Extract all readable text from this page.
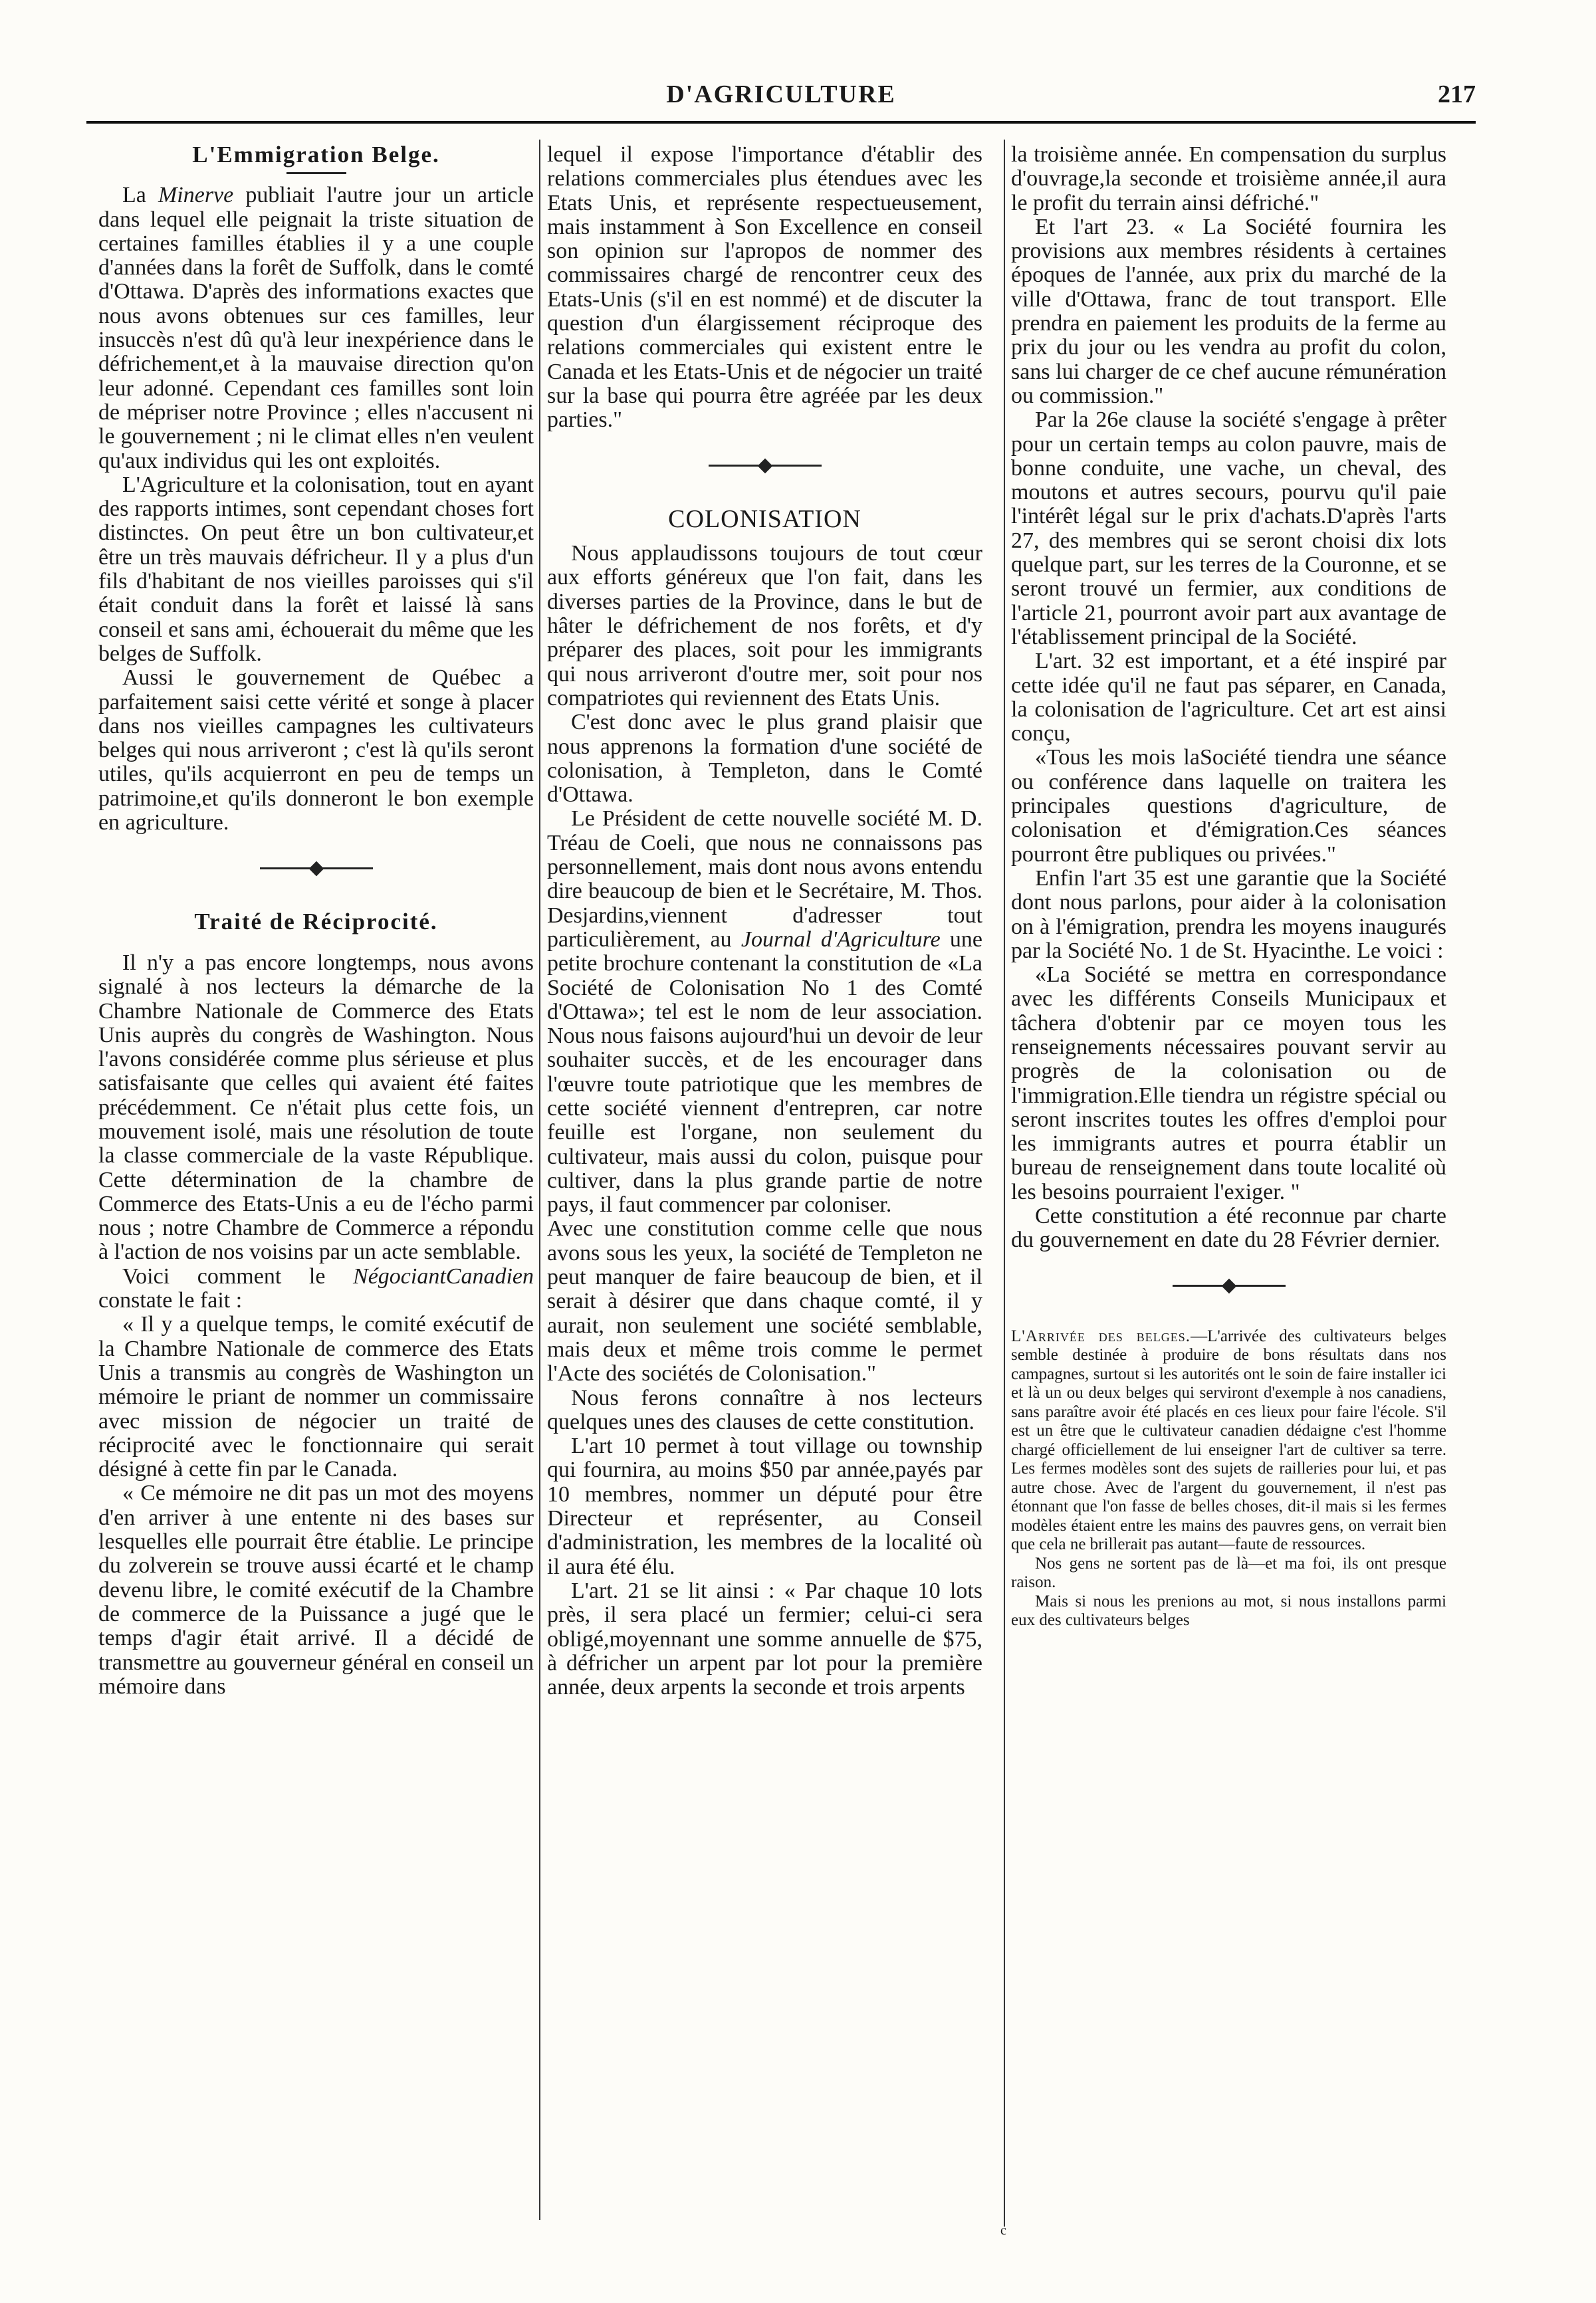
D'AGRICULTURE	217
L'Emmigration Belge.

La Minerve publiait l'autre jour un article dans lequel elle peignait la triste situation de certaines familles établies il y a une couple d'années dans la forêt de Suffolk, dans le comté d'Ottawa. D'après des informations exactes que nous avons obtenues sur ces familles, leur insuccès n'est dû qu'à leur inexpérience dans le défrichement,et à la mauvaise direction qu'on leur adonné. Cependant ces familles sont loin de mépriser notre Province ; elles n'accusent ni le gouvernement ; ni le climat elles n'en veulent qu'aux individus qui les ont exploités.

L'Agriculture et la colonisation, tout en ayant des rapports intimes, sont cependant choses fort distinctes. On peut être un bon cultivateur,et être un très mauvais défricheur. Il y a plus d'un fils d'habitant de nos vieilles paroisses qui s'il était conduit dans la forêt et laissé là sans conseil et sans ami, échouerait du même que les belges de Suffolk.

Aussi le gouvernement de Québec a parfaitement saisi cette vérité et songe à placer dans nos vieilles campagnes les cultivateurs belges qui nous arriveront ; c'est là qu'ils seront utiles, qu'ils acquierront en peu de temps un patrimoine,et qu'ils donneront le bon exemple en agriculture.

Traité de Réciprocité.

Il n'y a pas encore longtemps, nous avons signalé à nos lecteurs la démarche de la Chambre Nationale de Commerce des Etats Unis auprès du congrès de Washington. Nous l'avons considérée comme plus sérieuse et plus satisfaisante que celles qui avaient été faites précédemment. Ce n'était plus cette fois, un mouvement isolé, mais une résolution de toute la classe commerciale de la vaste République. Cette détermination de la chambre de Commerce des Etats-Unis a eu de l'écho parmi nous ; notre Chambre de Commerce a répondu à l'action de nos voisins par un acte semblable.

Voici comment le NégociantCanadien constate le fait :

« Il y a quelque temps, le comité exécutif de la Chambre Nationale de commerce des Etats Unis a transmis au congrès de Washington un mémoire le priant de nommer un commissaire avec mission de négocier un traité de réciprocité avec le fonctionnaire qui serait désigné à cette fin par le Canada.

« Ce mémoire ne dit pas un mot des moyens d'en arriver à une entente ni des bases sur lesquelles elle pourrait être établie. Le principe du zolverein se trouve aussi écarté et le champ devenu libre, le comité exécutif de la Chambre de commerce de la Puissance a jugé que le temps d'agir était arrivé. Il a décidé de transmettre au gouverneur général en conseil un mémoire dans

lequel il expose l'importance d'établir des relations commerciales plus étendues avec les Etats Unis, et représente respectueusement, mais instamment à Son Excellence en conseil son opinion sur l'apropos de nommer des commissaires chargé de rencontrer ceux des Etats-Unis (s'il en est nommé) et de discuter la question d'un élargissement réciproque des relations commerciales qui existent entre le Canada et les Etats-Unis et de négocier un traité sur la base qui pourra être agréée par les deux parties."

COLONISATION

Nous applaudissons toujours de tout cœur aux efforts généreux que l'on fait, dans les diverses parties de la Province, dans le but de hâter le défrichement de nos forêts, et d'y préparer des places, soit pour les immigrants qui nous arriveront d'outre mer, soit pour nos compatriotes qui reviennent des Etats Unis.

C'est donc avec le plus grand plaisir que nous apprenons la formation d'une société de colonisation, à Templeton, dans le Comté d'Ottawa.

Le Président de cette nouvelle société M. D. Tréau de Coeli, que nous ne connaissons pas personnellement, mais dont nous avons entendu dire beaucoup de bien et le Secrétaire, M. Thos. Desjardins,viennent d'adresser tout particulièrement, au Journal d'Agriculture une petite brochure contenant la constitution de «La Société de Colonisation No 1 des Comté d'Ottawa»; tel est le nom de leur association. Nous nous faisons aujourd'hui un devoir de leur souhaiter succès, et de les encourager dans l'œuvre toute patriotique que les membres de cette société viennent d'entrepren, car notre feuille est l'organe, non seulement du cultivateur, mais aussi du colon, puisque pour cultiver, dans la plus grande partie de notre pays, il faut commencer par coloniser.

Avec une constitution comme celle que nous avons sous les yeux, la société de Templeton ne peut manquer de faire beaucoup de bien, et il serait à désirer que dans chaque comté, il y aurait, non seulement une société semblable, mais deux et même trois comme le permet l'Acte des sociétés de Colonisation."

Nous ferons connaître à nos lecteurs quelques unes des clauses de cette constitution.

L'art 10 permet à tout village ou township qui fournira, au moins $50 par année,payés par 10 membres, nommer un député pour être Directeur et représenter, au Conseil d'administration, les membres de la localité où il aura été élu.

L'art. 21 se lit ainsi : « Par chaque 10 lots près, il sera placé un fermier; celui-ci sera obligé,moyennant une somme annuelle de $75, à défricher un arpent par lot pour la première année, deux arpents la seconde et trois arpents

la troisième année. En compensation du surplus d'ouvrage,la seconde et troisième année,il aura le profit du terrain ainsi défriché."

Et l'art 23. « La Société fournira les provisions aux membres résidents à certaines époques de l'année, aux prix du marché de la ville d'Ottawa, franc de tout transport. Elle prendra en paiement les produits de la ferme au prix du jour ou les vendra au profit du colon, sans lui charger de ce chef aucune rémunération ou commission."

Par la 26e clause la société s'engage à prêter pour un certain temps au colon pauvre, mais de bonne conduite, une vache, un cheval, des moutons et autres secours, pourvu qu'il paie l'intérêt légal sur le prix d'achats.D'après l'arts 27, des membres qui se seront choisi dix lots quelque part, sur les terres de la Couronne, et se seront trouvé un fermier, aux conditions de l'article 21, pourront avoir part aux avantage de l'établissement principal de la Société.

L'art. 32 est important, et a été inspiré par cette idée qu'il ne faut pas séparer, en Canada, la colonisation de l'agriculture. Cet art est ainsi conçu,

«Tous les mois laSociété tiendra une séance ou conférence dans laquelle on traitera les principales questions d'agriculture, de colonisation et d'émigration.Ces séances pourront être publiques ou privées."

Enfin l'art 35 est une garantie que la Société dont nous parlons, pour aider à la colonisation on à l'émigration, prendra les moyens inaugurés par la Société No. 1 de St. Hyacinthe. Le voici :

«La Société se mettra en correspondance avec les différents Conseils Municipaux et tâchera d'obtenir par ce moyen tous les renseignements nécessaires pouvant servir au progrès de la colonisation ou de l'immigration.Elle tiendra un régistre spécial ou seront inscrites toutes les offres d'emploi pour les immigrants autres et pourra établir un bureau de renseignement dans toute localité où les besoins pourraient l'exiger. "

Cette constitution a été reconnue par charte du gouvernement en date du 28 Février dernier.

L'Arrivée des belges.—L'arrivée des cultivateurs belges semble destinée à produire de bons résultats dans nos campagnes, surtout si les autorités ont le soin de faire installer ici et là un ou deux belges qui serviront d'exemple à nos canadiens, sans paraître avoir été placés en ces lieux pour faire l'école. S'il est un être que le cultivateur canadien dédaigne c'est l'homme chargé officiellement de lui enseigner l'art de cultiver sa terre. Les fermes modèles sont des sujets de railleries pour lui, et pas autre chose. Avec de l'argent du gouvernement, il n'est pas étonnant que l'on fasse de belles choses, dit-il mais si les fermes modèles étaient entre les mains des pauvres gens, on verrait bien que cela ne brillerait pas autant—faute de ressources.

Nos gens ne sortent pas de là—et ma foi, ils ont presque raison.

Mais si nous les prenions au mot, si nous installons parmi eux des cultivateurs belges

c
